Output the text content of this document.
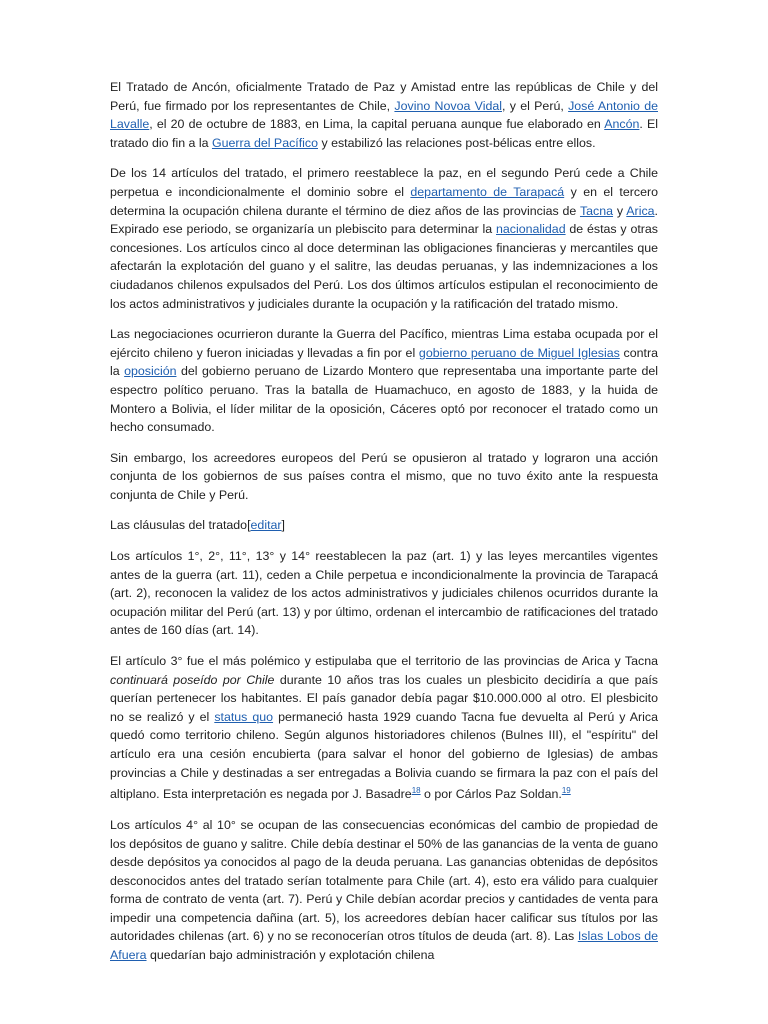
El Tratado de Ancón, oficialmente Tratado de Paz y Amistad entre las repúblicas de Chile y del Perú, fue firmado por los representantes de Chile, Jovino Novoa Vidal, y el Perú, José Antonio de Lavalle, el 20 de octubre de 1883, en Lima, la capital peruana aunque fue elaborado en Ancón. El tratado dio fin a la Guerra del Pacífico y estabilizó las relaciones post-bélicas entre ellos.

De los 14 artículos del tratado, el primero reestablece la paz, en el segundo Perú cede a Chile perpetua e incondicionalmente el dominio sobre el departamento de Tarapacá y en el tercero determina la ocupación chilena durante el término de diez años de las provincias de Tacna y Arica. Expirado ese periodo, se organizaría un plebiscito para determinar la nacionalidad de éstas y otras concesiones. Los artículos cinco al doce determinan las obligaciones financieras y mercantiles que afectarán la explotación del guano y el salitre, las deudas peruanas, y las indemnizaciones a los ciudadanos chilenos expulsados del Perú. Los dos últimos artículos estipulan el reconocimiento de los actos administrativos y judiciales durante la ocupación y la ratificación del tratado mismo.

Las negociaciones ocurrieron durante la Guerra del Pacífico, mientras Lima estaba ocupada por el ejército chileno y fueron iniciadas y llevadas a fin por el gobierno peruano de Miguel Iglesias contra la oposición del gobierno peruano de Lizardo Montero que representaba una importante parte del espectro político peruano. Tras la batalla de Huamachuco, en agosto de 1883, y la huida de Montero a Bolivia, el líder militar de la oposición, Cáceres optó por reconocer el tratado como un hecho consumado.

Sin embargo, los acreedores europeos del Perú se opusieron al tratado y lograron una acción conjunta de los gobiernos de sus países contra el mismo, que no tuvo éxito ante la respuesta conjunta de Chile y Perú.

Las cláusulas del tratado[editar]

Los artículos 1°, 2°, 11°, 13° y 14° reestablecen la paz (art. 1) y las leyes mercantiles vigentes antes de la guerra (art. 11), ceden a Chile perpetua e incondicionalmente la provincia de Tarapacá (art. 2), reconocen la validez de los actos administrativos y judiciales chilenos ocurridos durante la ocupación militar del Perú (art. 13) y por último, ordenan el intercambio de ratificaciones del tratado antes de 160 días (art. 14).

El artículo 3° fue el más polémico y estipulaba que el territorio de las provincias de Arica y Tacna continuará poseído por Chile durante 10 años tras los cuales un plesbicito decidiría a que país querían pertenecer los habitantes. El país ganador debía pagar $10.000.000 al otro. El plesbicito no se realizó y el status quo permaneció hasta 1929 cuando Tacna fue devuelta al Perú y Arica quedó como territorio chileno. Según algunos historiadores chilenos (Bulnes III), el "espíritu" del artículo era una cesión encubierta (para salvar el honor del gobierno de Iglesias) de ambas provincias a Chile y destinadas a ser entregadas a Bolivia cuando se firmara la paz con el país del altiplano. Esta interpretación es negada por J. Basadre$^{18}$ o por Cárlos Paz Soldan.$^{19}$

Los artículos 4° al 10° se ocupan de las consecuencias económicas del cambio de propiedad de los depósitos de guano y salitre. Chile debía destinar el 50% de las ganancias de la venta de guano desde depósitos ya conocidos al pago de la deuda peruana. Las ganancias obtenidas de depósitos desconocidos antes del tratado serían totalmente para Chile (art. 4), esto era válido para cualquier forma de contrato de venta (art. 7). Perú y Chile debían acordar precios y cantidades de venta para impedir una competencia dañina (art. 5), los acreedores debían hacer calificar sus títulos por las autoridades chilenas (art. 6) y no se reconocerían otros títulos de deuda (art. 8). Las Islas Lobos de Afuera quedarían bajo administración y explotación chilena
